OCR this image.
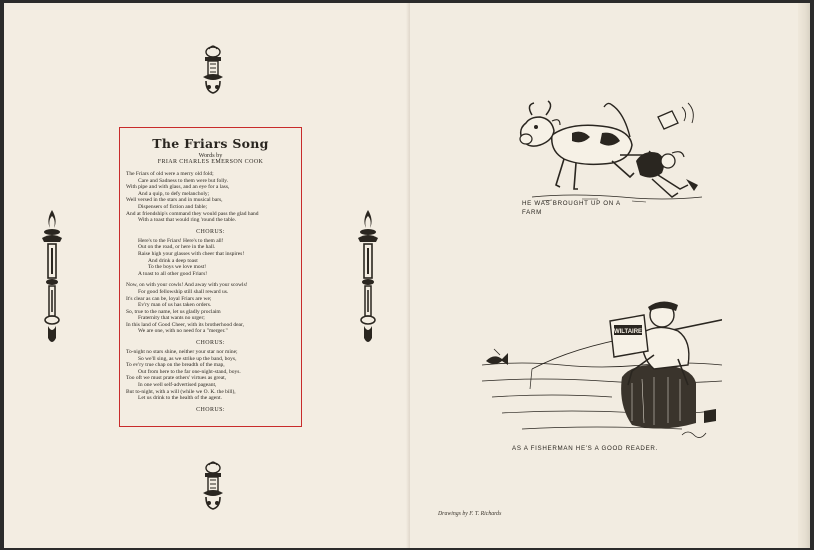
The Friars Song
Words by
FRIAR CHARLES EMERSON COOK
The Friars of old were a merry old fold;
Care and Sadness to them were but folly.
With pipe and with glass, and an eye for a lass,
And a quip, to defy melancholy;
Well versed in the stars and in musical bars,
Dispensers of fiction and fable;
And at friendship's command they would pass the glad hand
With a toast that would ring 'round the table.
CHORUS:
Here's to the Friars! Here's to them all!
Out on the road, or here in the hall.
Raise high your glasses with cheer that inspires!
And drink a deep toast
To the boys we love most!
A toast to all other good Friars!
Now, on with your cowls! And away with your scowls!
For good fellowship still shall reward us.
It's clear as can be, loyal Friars are we;
Ev'ry man of us has taken orders.
So, true to the name, let us gladly proclaim
Fraternity that wants no urger;
In this land of Good Cheer, with its brotherhood dear,
We are one, with no need for a "merger."
CHORUS:
To-night no stars shine, neither your star nor mine;
So we'll sing, as we strike up the band, boys,
To ev'ry true chap on the breadth of the map,
Out from here to the far one-night-stand, boys.
Too oft we must prate others' virtues as great,
In one well self-advertised pageant,
But to-night, with a will (while we O. K. the bill),
Let us drink to the health of the agent.
CHORUS:
HE WAS BROUGHT UP ON A FARM
WILTAIRE
AS A FISHERMAN HE'S A GOOD READER.
Drawings by F. T. Richards
